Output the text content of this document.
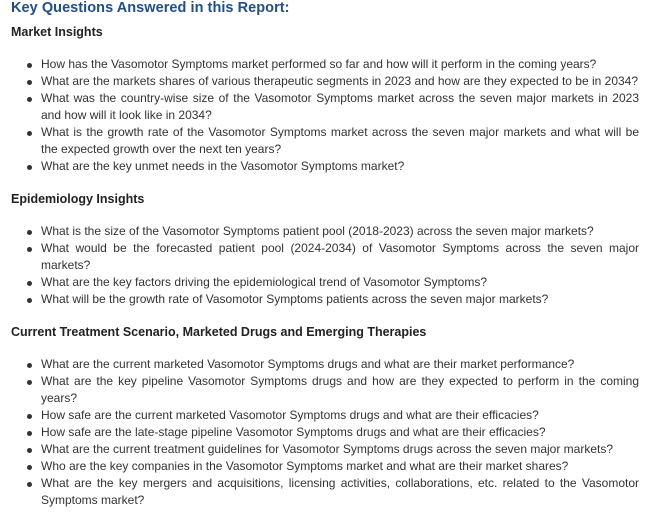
Key Questions Answered in this Report:
Market Insights
How has the Vasomotor Symptoms market performed so far and how will it perform in the coming years?
What are the markets shares of various therapeutic segments in 2023 and how are they expected to be in 2034?
What was the country-wise size of the Vasomotor Symptoms market across the seven major markets in 2023 and how will it look like in 2034?
What is the growth rate of the Vasomotor Symptoms market across the seven major markets and what will be the expected growth over the next ten years?
What are the key unmet needs in the Vasomotor Symptoms market?
Epidemiology Insights
What is the size of the Vasomotor Symptoms patient pool (2018-2023) across the seven major markets?
What would be the forecasted patient pool (2024-2034) of Vasomotor Symptoms across the seven major markets?
What are the key factors driving the epidemiological trend of Vasomotor Symptoms?
What will be the growth rate of Vasomotor Symptoms patients across the seven major markets?
Current Treatment Scenario, Marketed Drugs and Emerging Therapies
What are the current marketed Vasomotor Symptoms drugs and what are their market performance?
What are the key pipeline Vasomotor Symptoms drugs and how are they expected to perform in the coming years?
How safe are the current marketed Vasomotor Symptoms drugs and what are their efficacies?
How safe are the late-stage pipeline Vasomotor Symptoms drugs and what are their efficacies?
What are the current treatment guidelines for Vasomotor Symptoms drugs across the seven major markets?
Who are the key companies in the Vasomotor Symptoms market and what are their market shares?
What are the key mergers and acquisitions, licensing activities, collaborations, etc. related to the Vasomotor Symptoms market?
